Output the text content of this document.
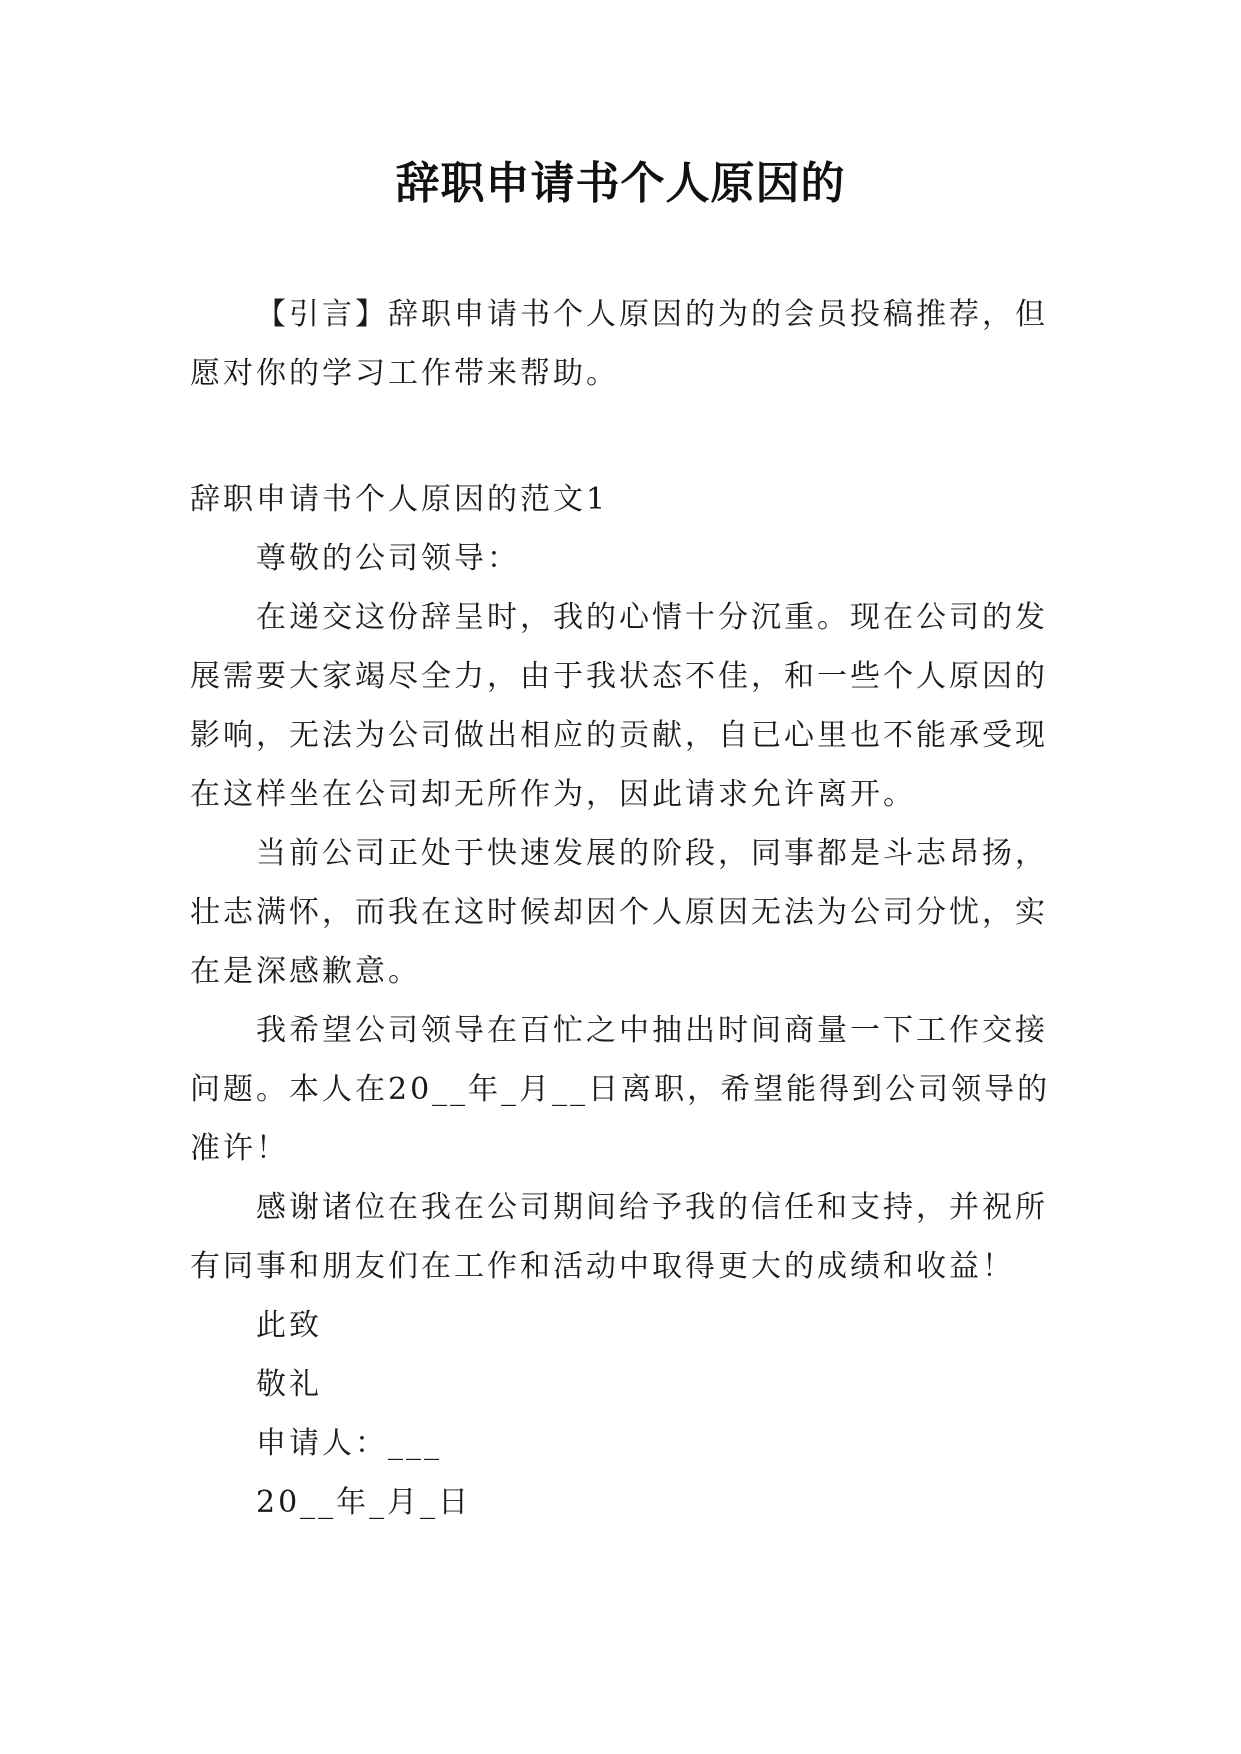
辞职申请书个人原因的

【引言】辞职申请书个人原因的为的会员投稿推荐，但愿对你的学习工作带来帮助。

辞职申请书个人原因的范文1

尊敬的公司领导：

在递交这份辞呈时，我的心情十分沉重。现在公司的发展需要大家竭尽全力，由于我状态不佳，和一些个人原因的影响，无法为公司做出相应的贡献，自已心里也不能承受现在这样坐在公司却无所作为，因此请求允许离开。

当前公司正处于快速发展的阶段，同事都是斗志昂扬，壮志满怀，而我在这时候却因个人原因无法为公司分忧，实在是深感歉意。

我希望公司领导在百忙之中抽出时间商量一下工作交接问题。本人在20__年_月__日离职，希望能得到公司领导的准许！

感谢诸位在我在公司期间给予我的信任和支持，并祝所有同事和朋友们在工作和活动中取得更大的成绩和收益！

此致

敬礼

申请人：___

20__年_月_日
